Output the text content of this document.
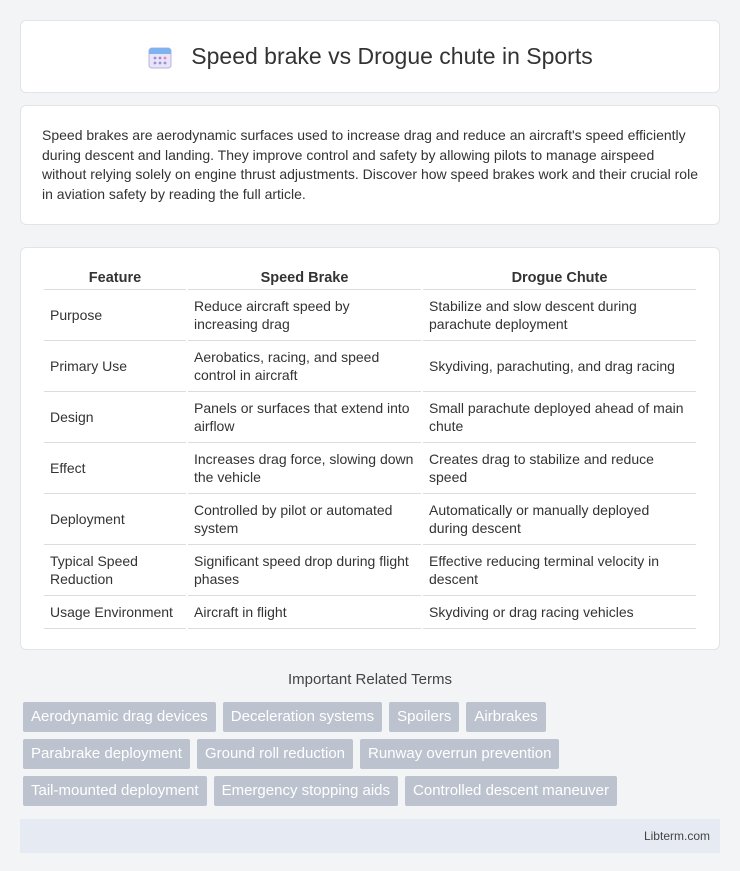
Speed brake vs Drogue chute in Sports

Speed brakes are aerodynamic surfaces used to increase drag and reduce an aircraft's speed efficiently during descent and landing. They improve control and safety by allowing pilots to manage airspeed without relying solely on engine thrust adjustments. Discover how speed brakes work and their crucial role in aviation safety by reading the full article.

Feature	Speed Brake	Drogue Chute
Purpose	Reduce aircraft speed by increasing drag	Stabilize and slow descent during parachute deployment
Primary Use	Aerobatics, racing, and speed control in aircraft	Skydiving, parachuting, and drag racing
Design	Panels or surfaces that extend into airflow	Small parachute deployed ahead of main chute
Effect	Increases drag force, slowing down the vehicle	Creates drag to stabilize and reduce speed
Deployment	Controlled by pilot or automated system	Automatically or manually deployed during descent
Typical Speed Reduction	Significant speed drop during flight phases	Effective reducing terminal velocity in descent
Usage Environment	Aircraft in flight	Skydiving or drag racing vehicles
Important Related Terms
Aerodynamic drag devices	Deceleration systems	Spoilers	Airbrakes
Parabrake deployment	Ground roll reduction	Runway overrun prevention
Tail-mounted deployment	Emergency stopping aids	Controlled descent maneuver
Libterm.com
